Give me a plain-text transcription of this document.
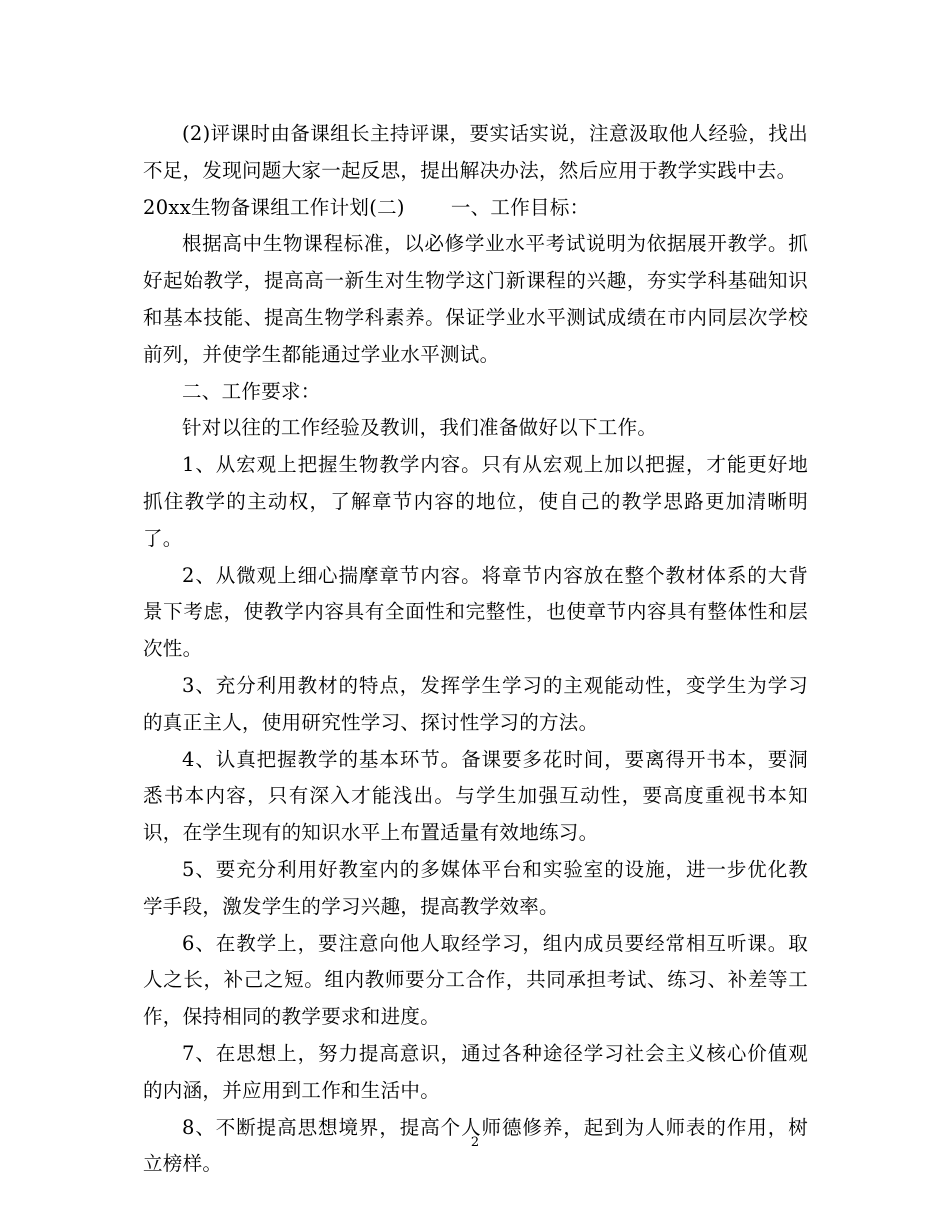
(2)评课时由备课组长主持评课，要实话实说，注意汲取他人经验，找出不足，发现问题大家一起反思，提出解决办法，然后应用于教学实践中去。

20xx生物备课组工作计划(二) 一、工作目标：

根据高中生物课程标准，以必修学业水平考试说明为依据展开教学。抓好起始教学，提高高一新生对生物学这门新课程的兴趣，夯实学科基础知识和基本技能、提高生物学科素养。保证学业水平测试成绩在市内同层次学校前列，并使学生都能通过学业水平测试。

二、工作要求：

针对以往的工作经验及教训，我们准备做好以下工作。

1、从宏观上把握生物教学内容。只有从宏观上加以把握，才能更好地抓住教学的主动权，了解章节内容的地位，使自己的教学思路更加清晰明了。

2、从微观上细心揣摩章节内容。将章节内容放在整个教材体系的大背景下考虑，使教学内容具有全面性和完整性，也使章节内容具有整体性和层次性。

3、充分利用教材的特点，发挥学生学习的主观能动性，变学生为学习的真正主人，使用研究性学习、探讨性学习的方法。

4、认真把握教学的基本环节。备课要多花时间，要离得开书本，要洞悉书本内容，只有深入才能浅出。与学生加强互动性，要高度重视书本知识，在学生现有的知识水平上布置适量有效地练习。

5、要充分利用好教室内的多媒体平台和实验室的设施，进一步优化教学手段，激发学生的学习兴趣，提高教学效率。

6、在教学上，要注意向他人取经学习，组内成员要经常相互听课。取人之长，补己之短。组内教师要分工合作，共同承担考试、练习、补差等工作，保持相同的教学要求和进度。

7、在思想上，努力提高意识，通过各种途径学习社会主义核心价值观的内涵，并应用到工作和生活中。

8、不断提高思想境界，提高个人师德修养，起到为人师表的作用，树立榜样。

2
